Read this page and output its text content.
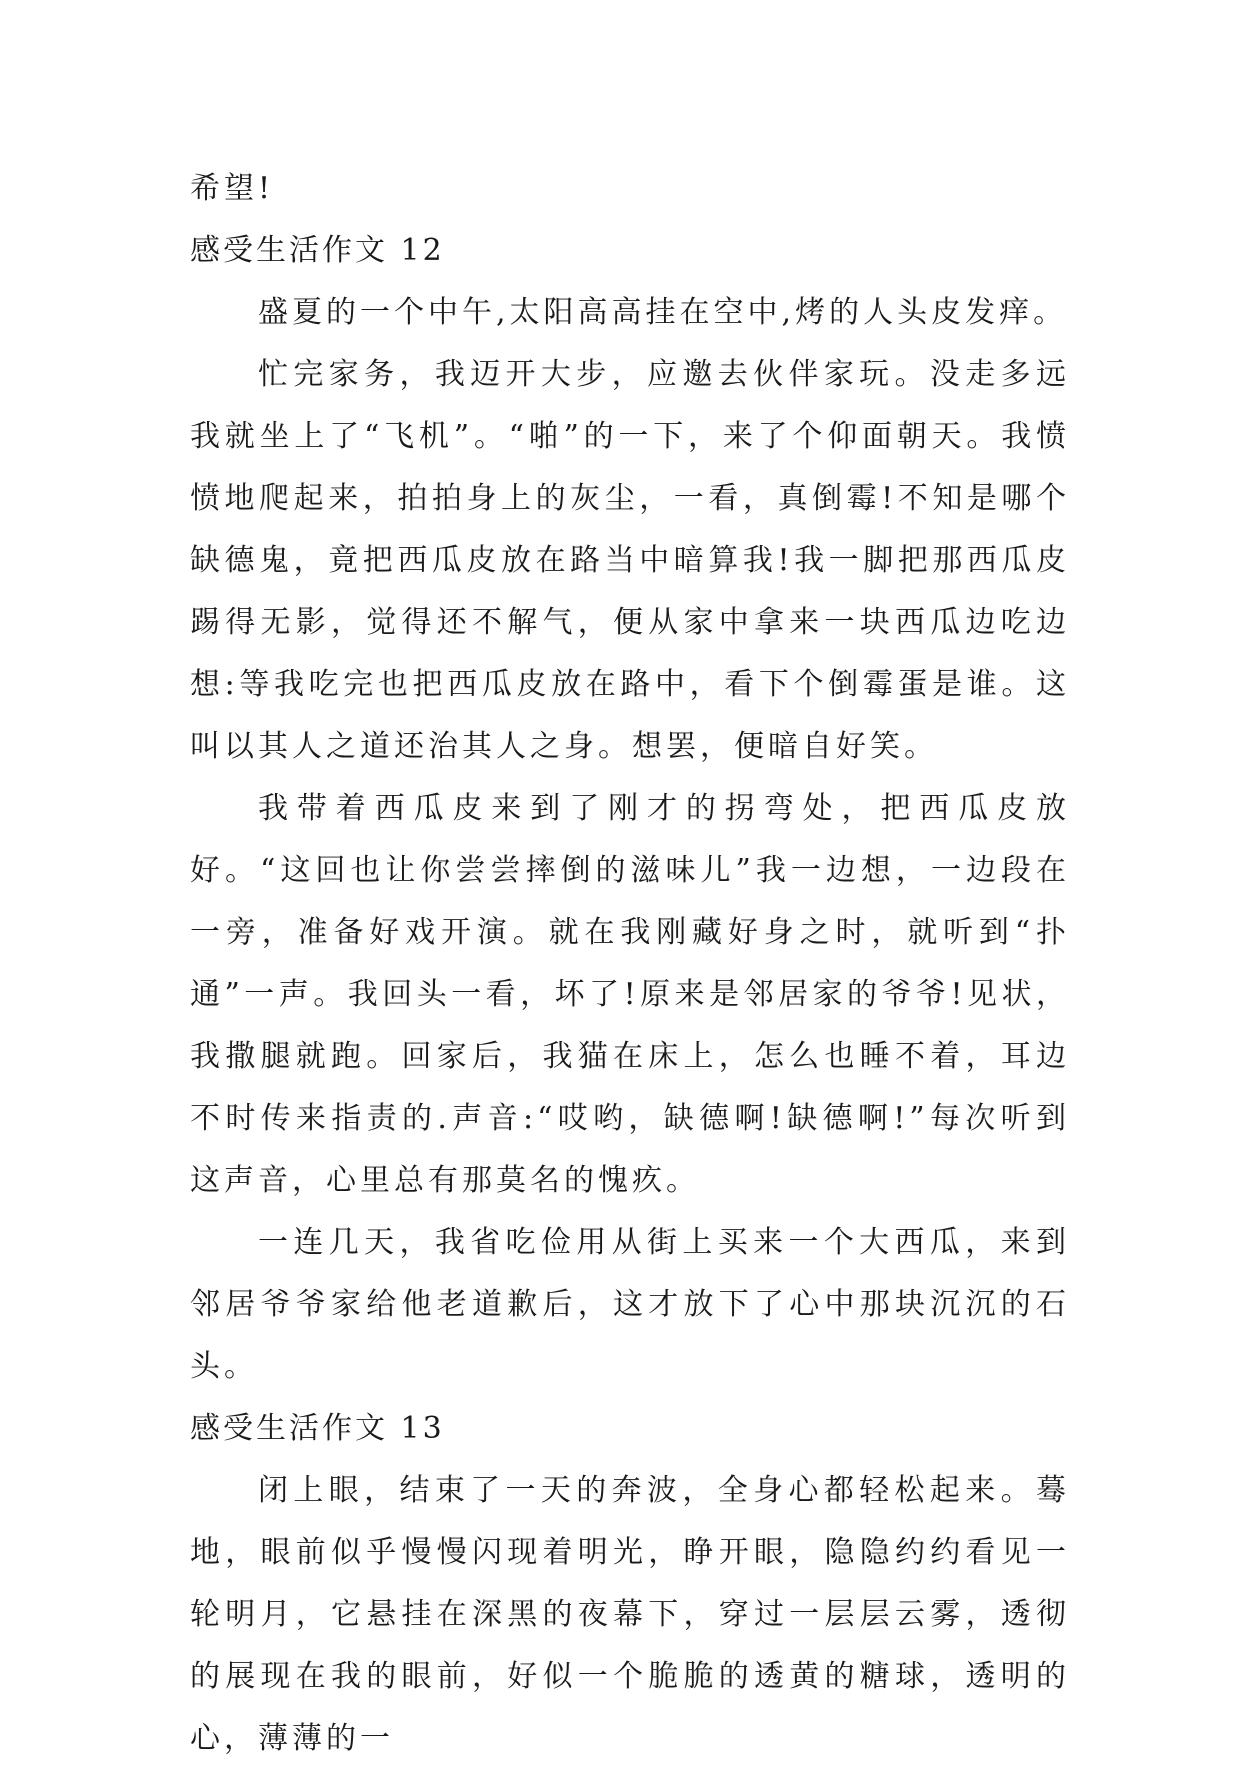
希望!

感受生活作文 12

盛夏的一个中午,太阳高高挂在空中,烤的人头皮发痒。

忙完家务，我迈开大步，应邀去伙伴家玩。没走多远我就坐上了“飞机”。“啪”的一下，来了个仰面朝天。我愤愤地爬起来，拍拍身上的灰尘，一看，真倒霉!不知是哪个缺德鬼，竟把西瓜皮放在路当中暗算我!我一脚把那西瓜皮踢得无影，觉得还不解气，便从家中拿来一块西瓜边吃边想:等我吃完也把西瓜皮放在路中，看下个倒霉蛋是谁。这叫以其人之道还治其人之身。想罢，便暗自好笑。

我带着西瓜皮来到了刚才的拐弯处，把西瓜皮放好。“这回也让你尝尝摔倒的滋味儿”我一边想，一边段在一旁，准备好戏开演。就在我刚藏好身之时，就听到“扑通”一声。我回头一看，坏了!原来是邻居家的爷爷!见状，我撒腿就跑。回家后，我猫在床上，怎么也睡不着，耳边不时传来指责的.声音:“哎哟，缺德啊!缺德啊!”每次听到这声音，心里总有那莫名的愧疚。

一连几天，我省吃俭用从街上买来一个大西瓜，来到邻居爷爷家给他老道歉后，这才放下了心中那块沉沉的石头。

感受生活作文 13

闭上眼，结束了一天的奔波，全身心都轻松起来。蓦地，眼前似乎慢慢闪现着明光，睁开眼，隐隐约约看见一轮明月，它悬挂在深黑的夜幕下，穿过一层层云雾，透彻的展现在我的眼前，好似一个脆脆的透黄的糖球，透明的心，薄薄的一
